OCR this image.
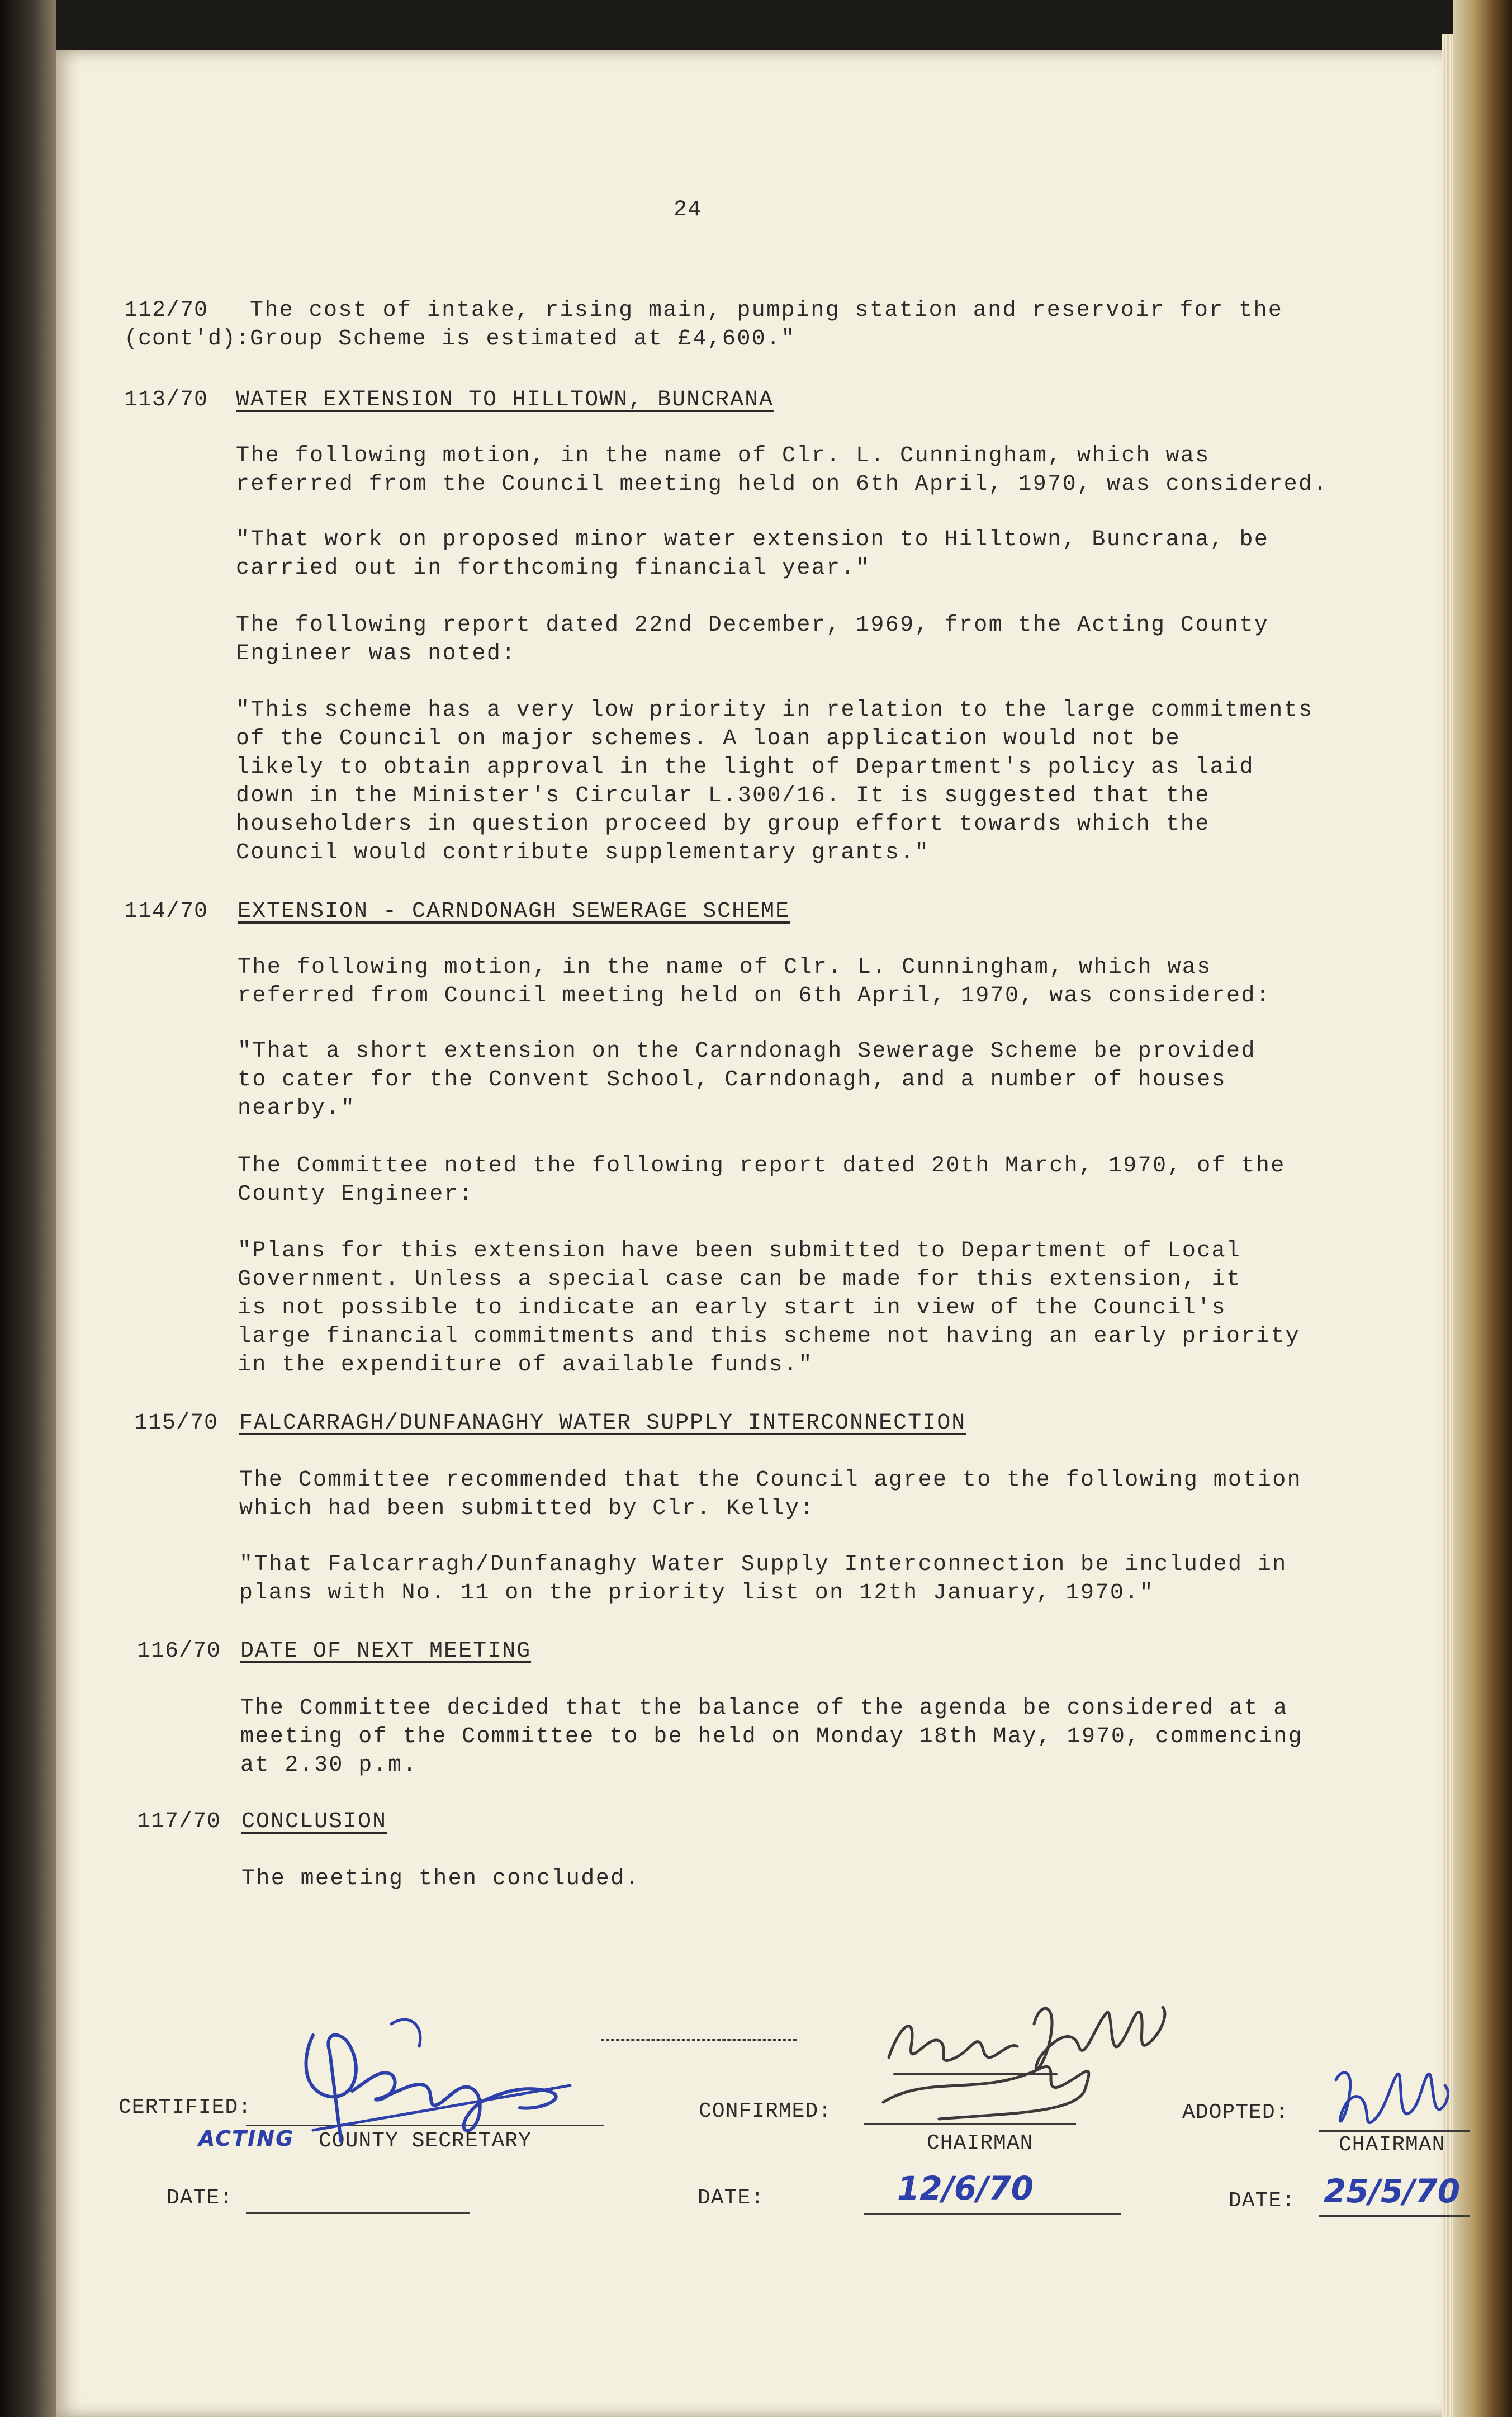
24
112/70
(cont'd):
The cost of intake, rising main, pumping station and reservoir for the
Group Scheme is estimated at £4,600."
113/70 WATER EXTENSION TO HILLTOWN, BUNCRANA
The following motion, in the name of Clr. L. Cunningham, which was
referred from the Council meeting held on 6th April, 1970, was considered.
"That work on proposed minor water extension to Hilltown, Buncrana, be
carried out in forthcoming financial year."
The following report dated 22nd December, 1969, from the Acting County
Engineer was noted:
"This scheme has a very low priority in relation to the large commitments
of the Council on major schemes. A loan application would not be
likely to obtain approval in the light of Department's policy as laid
down in the Minister's Circular L.300/16. It is suggested that the
householders in question proceed by group effort towards which the
Council would contribute supplementary grants."
114/70 EXTENSION - CARNDONAGH SEWERAGE SCHEME
The following motion, in the name of Clr. L. Cunningham, which was
referred from Council meeting held on 6th April, 1970, was considered:
"That a short extension on the Carndonagh Sewerage Scheme be provided
to cater for the Convent School, Carndonagh, and a number of houses
nearby."
The Committee noted the following report dated 20th March, 1970, of the
County Engineer:
"Plans for this extension have been submitted to Department of Local
Government. Unless a special case can be made for this extension, it
is not possible to indicate an early start in view of the Council's
large financial commitments and this scheme not having an early priority
in the expenditure of available funds."
115/70 FALCARRAGH/DUNFANAGHY WATER SUPPLY INTERCONNECTION
The Committee recommended that the Council agree to the following motion
which had been submitted by Clr. Kelly:
"That Falcarragh/Dunfanaghy Water Supply Interconnection be included in
plans with No. 11 on the priority list on 12th January, 1970."
116/70 DATE OF NEXT MEETING
The Committee decided that the balance of the agenda be considered at a
meeting of the Committee to be held on Monday 18th May, 1970, commencing
at 2.30 p.m.
117/70 CONCLUSION
The meeting then concluded.
CERTIFIED:
ACTING COUNTY SECRETARY
DATE:
CONFIRMED:
CHAIRMAN
DATE:	12/6/70
ADOPTED:
CHAIRMAN
DATE: 25/5/70
